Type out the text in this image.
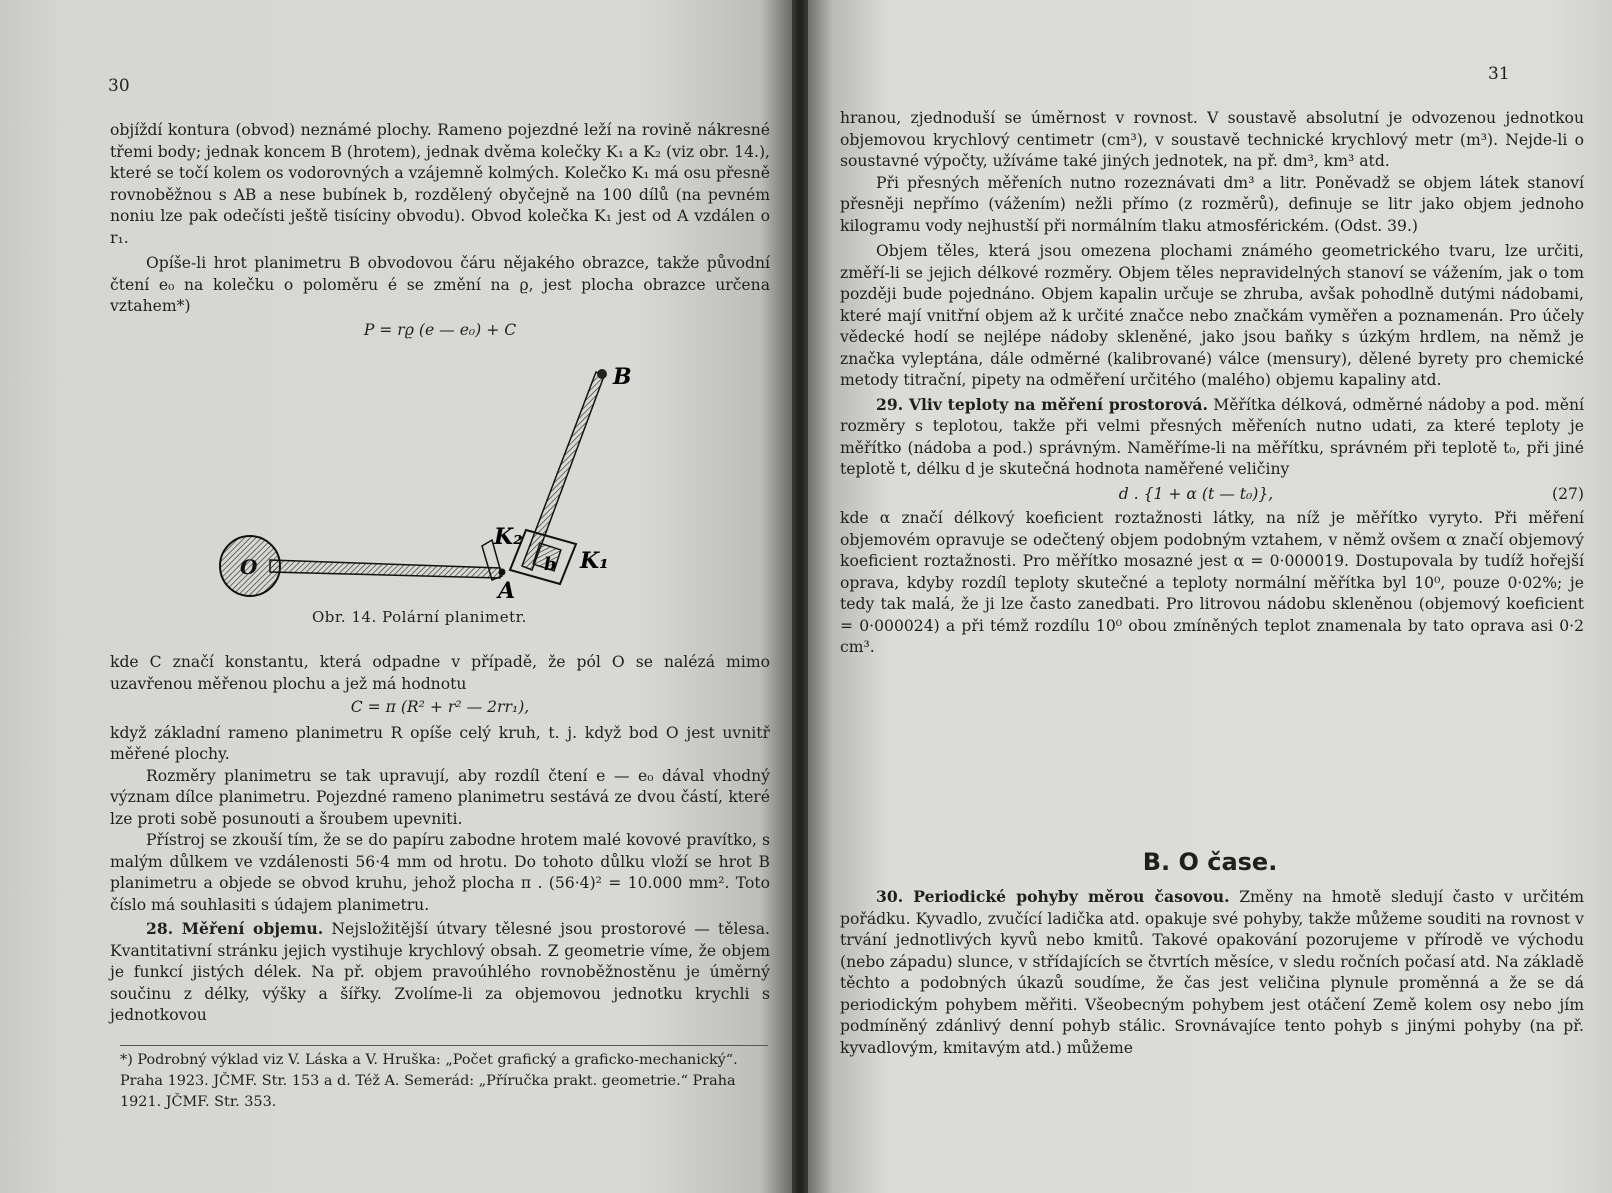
30

objíždí kontura (obvod) neznámé plochy. Rameno pojezdné leží na rovině nákresné třemi body; jednak koncem B (hrotem), jednak dvěma kolečky K₁ a K₂ (viz obr. 14.), které se točí kolem os vodorovných a vzájemně kolmých. Kolečko K₁ má osu přesně rovnoběžnou s AB a nese bubínek b, rozdělený obyčejně na 100 dílů (na pevném noniu lze pak odečísti ještě tisíciny obvodu). Obvod kolečka K₁ jest od A vzdálen o r₁.

Opíše-li hrot planimetru B obvodovou čáru nějakého obrazce, takže původní čtení e₀ na kolečku o poloměru é se změní na ϱ, jest plocha obrazce určena vztahem*)

P = rϱ (e — e₀) + C
B
K₂
K₁
A
b
O
Obr. 14. Polární planimetr.

kde C značí konstantu, která odpadne v případě, že pól O se nalézá mimo uzavřenou měřenou plochu a jež má hodnotu

C = π (R² + r² — 2rr₁),

když základní rameno planimetru R opíše celý kruh, t. j. když bod O jest uvnitř měřené plochy.

Rozměry planimetru se tak upravují, aby rozdíl čtení e — e₀ dával vhodný význam dílce planimetru. Pojezdné rameno planimetru sestává ze dvou částí, které lze proti sobě posunouti a šroubem upevniti.

Přístroj se zkouší tím, že se do papíru zabodne hrotem malé kovové pravítko, s malým důlkem ve vzdálenosti 56·4 mm od hrotu. Do tohoto důlku vloží se hrot B planimetru a objede se obvod kruhu, jehož plocha π . (56·4)² = 10.000 mm². Toto číslo má souhlasiti s údajem planimetru.

28. Měření objemu. Nejsložitější útvary tělesné jsou prostorové — tělesa. Kvantitativní stránku jejich vystihuje krychlový obsah. Z geometrie víme, že objem je funkcí jistých délek. Na př. objem pravoúhlého rovnoběžnostěnu je úměrný součinu z délky, výšky a šířky. Zvolíme-li za objemovou jednotku krychli s jednotkovou

*) Podrobný výklad viz V. Láska a V. Hruška: „Počet grafický a graficko-mechanický“. Praha 1923. JČMF. Str. 153 a d. Též A. Semerád: „Příručka prakt. geometrie.“ Praha 1921. JČMF. Str. 353.
31

hranou, zjednoduší se úměrnost v rovnost. V soustavě absolutní je odvozenou jednotkou objemovou krychlový centimetr (cm³), v soustavě technické krychlový metr (m³). Nejde-li o soustavné výpočty, užíváme také jiných jednotek, na př. dm³, km³ atd.

Při přesných měřeních nutno rozeznávati dm³ a litr. Poněvadž se objem látek stanoví přesněji nepřímo (vážením) nežli přímo (z rozměrů), definuje se litr jako objem jednoho kilogramu vody nejhustší při normálním tlaku atmosférickém. (Odst. 39.)

Objem těles, která jsou omezena plochami známého geometrického tvaru, lze určiti, změří-li se jejich délkové rozměry. Objem těles nepravidelných stanoví se vážením, jak o tom později bude pojednáno. Objem kapalin určuje se zhruba, avšak pohodlně dutými nádobami, které mají vnitřní objem až k určité značce nebo značkám vyměřen a poznamenán. Pro účely vědecké hodí se nejlépe nádoby skleněné, jako jsou baňky s úzkým hrdlem, na němž je značka vyleptána, dále odměrné (kalibrované) válce (mensury), dělené byrety pro chemické metody titrační, pipety na odměření určitého (malého) objemu kapaliny atd.

29. Vliv teploty na měření prostorová. Měřítka délková, odměrné nádoby a pod. mění rozměry s teplotou, takže při velmi přesných měřeních nutno udati, za které teploty je měřítko (nádoba a pod.) správným. Naměříme-li na měřítku, správném při teplotě t₀, při jiné teplotě t, délku d je skutečná hodnota naměřené veličiny

d . {1 + α (t — t₀)},	(27)

kde α značí délkový koeficient roztažnosti látky, na níž je měřítko vyryto. Při měření objemovém opravuje se odečtený objem podobným vztahem, v němž ovšem α značí objemový koeficient roztažnosti. Pro měřítko mosazné jest α = 0·000019. Dostupovala by tudíž hořejší oprava, kdyby rozdíl teploty skutečné a teploty normální měřítka byl 10⁰, pouze 0·02%; je tedy tak malá, že ji lze často zanedbati. Pro litrovou nádobu skleněnou (objemový koeficient = 0·000024) a při témž rozdílu 10⁰ obou zmíněných teplot znamenala by tato oprava asi 0·2 cm³.

B. O čase.

30. Periodické pohyby měrou časovou. Změny na hmotě sledují často v určitém pořádku. Kyvadlo, zvučící ladička atd. opakuje své pohyby, takže můžeme souditi na rovnost v trvání jednotlivých kyvů nebo kmitů. Takové opakování pozorujeme v přírodě ve východu (nebo západu) slunce, v střídajících se čtvrtích měsíce, v sledu ročních počasí atd. Na základě těchto a podobných úkazů soudíme, že čas jest veličina plynule proměnná a že se dá periodickým pohybem měřiti. Všeobecným pohybem jest otáčení Země kolem osy nebo jím podmíněný zdánlivý denní pohyb stálic. Srovnávajíce tento pohyb s jinými pohyby (na př. kyvadlovým, kmitavým atd.) můžeme
